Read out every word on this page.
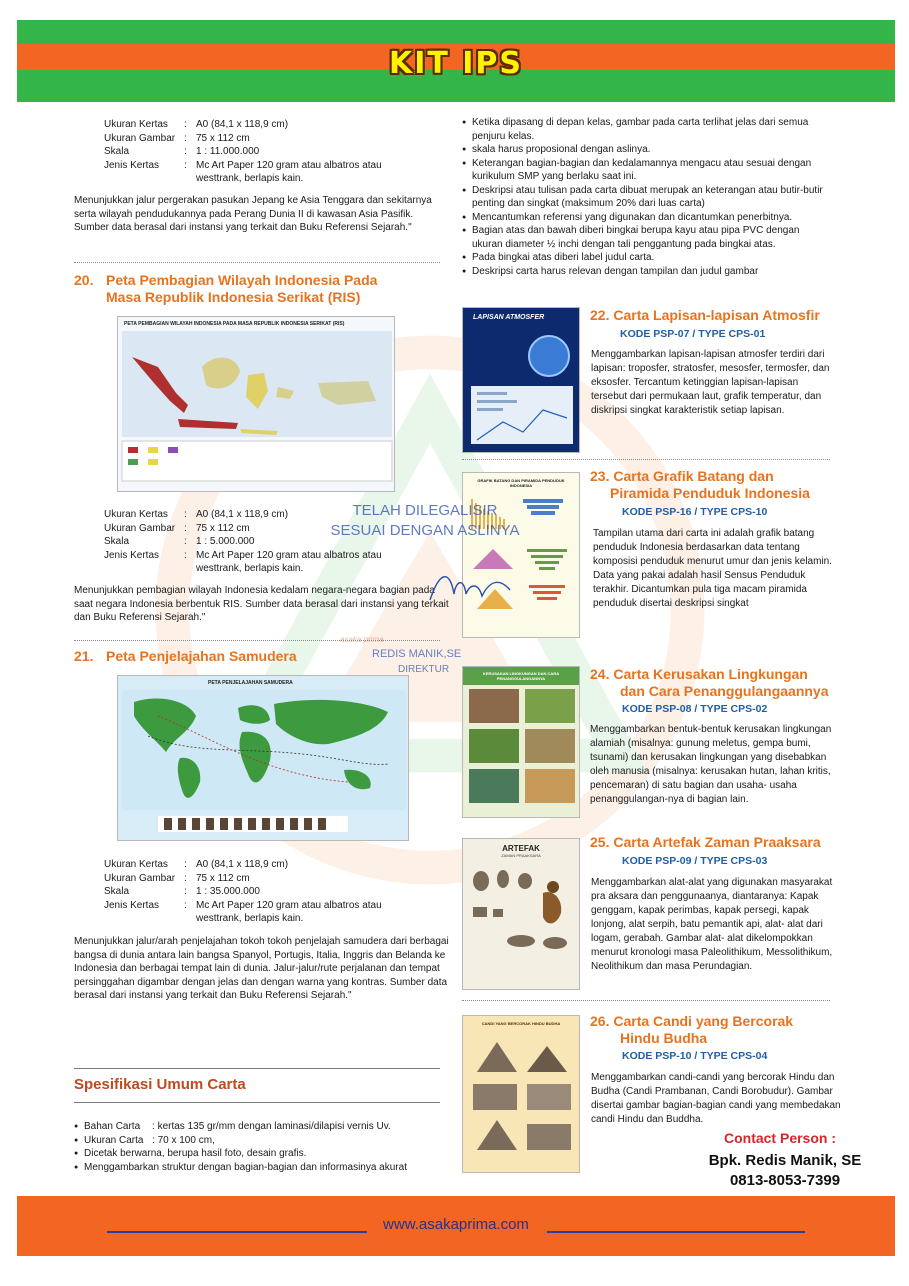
KIT IPS
Ukuran Kertas	: A0 (84,1 x 118,9 cm)
Ukuran Gambar : 75 x 112 cm
Skala	: 1 : 11.000.000
Jenis Kertas	: Mc Art Paper 120 gram atau albatros atau westtrank, berlapis kain.
Menunjukkan jalur pergerakan pasukan Jepang ke Asia Tenggara dan sekitarnya serta wilayah pendudukannya pada Perang Dunia II di kawasan Asia Pasifik. Sumber data berasal dari instansi yang terkait dan Buku Referensi Sejarah."
20. Peta Pembagian Wilayah Indonesia Pada
Masa Republik Indonesia Serikat (RIS)
PETA PEMBAGIAN WILAYAH INDONESIA PADA MASA REPUBLIK INDONESIA SERIKAT (RIS)
Ukuran Kertas	: A0 (84,1 x 118,9 cm)
Ukuran Gambar : 75 x 112 cm
Skala	: 1 : 5.000.000
Jenis Kertas	: Mc Art Paper 120 gram atau albatros atau westtrank, berlapis kain.
Menunjukkan pembagian wilayah Indonesia kedalam negara-negara bagian pada saat negara Indonesia berbentuk RIS. Sumber data berasal dari instansi yang terkait dan Buku Referensi Sejarah."
21. Peta Penjelajahan Samudera
PETA PENJELAJAHAN SAMUDERA
Ukuran Kertas	: A0 (84,1 x 118,9 cm)
Ukuran Gambar : 75 x 112 cm
Skala	: 1 : 35.000.000
Jenis Kertas	: Mc Art Paper 120 gram atau albatros atau westtrank, berlapis kain.
Menunjukkan jalur/arah penjelajahan tokoh tokoh penjelajah samudera dari berbagai bangsa di dunia antara lain bangsa Spanyol, Portugis, Italia, Inggris dan Belanda ke Indonesia dan berbagai tempat lain di dunia. Jalur-jalur/rute perjalanan dan tempat persinggahan digambar dengan jelas dan dengan warna yang kontras. Sumber data berasal dari instansi yang terkait dan Buku Referensi Sejarah."
Spesifikasi Umum Carta
● Bahan Carta : kertas 135 gr/mm dengan laminasi/dilapisi vernis Uv.
● Ukuran Carta : 70 x 100 cm,
● Dicetak berwarna, berupa hasil foto, desain grafis.
● Menggambarkan struktur dengan bagian-bagian dan informasinya akurat
● Ketika dipasang di depan kelas, gambar pada carta terlihat jelas dari semua penjuru kelas.
● skala harus proposional dengan aslinya.
● Keterangan bagian-bagian dan kedalamannya mengacu atau sesuai dengan kurikulum SMP yang berlaku saat ini.
● Deskripsi atau tulisan pada carta dibuat merupak an keterangan atau butir-butir penting dan singkat (maksimum 20% dari luas carta)
● Mencantumkan referensi yang digunakan dan dicantumkan penerbitnya.
● Bagian atas dan bawah diberi bingkai berupa kayu atau pipa PVC dengan ukuran diameter ½ inchi dengan tali penggantung pada bingkai atas.
● Pada bingkai atas diberi label judul carta.
● Deskripsi carta harus relevan dengan tampilan dan judul gambar
LAPISAN ATMOSFER	22. Carta Lapisan-lapisan Atmosfir
KODE PSP-07 / TYPE CPS-01
Menggambarkan lapisan-lapisan atmosfer terdiri dari lapisan: troposfer, stratosfer, mesosfer, termosfer, dan eksosfer. Tercantum ketinggian lapisan-lapisan tersebut dari permukaan laut, grafik temperatur, dan diskripsi singkat karakteristik setiap lapisan.
GRAFIK BATANG DAN PIRAMIDA PENDUDUK INDONESIA
23. Carta Grafik Batang dan
Piramida Penduduk Indonesia
KODE PSP-16 / TYPE CPS-10
Tampilan utama dari carta ini adalah grafik batang penduduk Indonesia berdasarkan data tentang komposisi penduduk menurut umur dan jenis kelamin. Data yang pakai adalah hasil Sensus Penduduk terakhir. Dicantumkan pula tiga macam piramida penduduk disertai deskripsi singkat
KERUSAKAN LINGKUNGAN DAN CARA PENANGGULANGANNYA	24. Carta Kerusakan Lingkungan
dan Cara Penanggulangaannya
KODE PSP-08 / TYPE CPS-02
Menggambarkan bentuk-bentuk kerusakan lingkungan alamiah (misalnya: gunung meletus, gempa bumi, tsunami) dan kerusakan lingkungan yang disebabkan oleh manusia (misalnya: kerusakan hutan, lahan kritis, pencemaran) di satu bagian dan usaha- usaha penanggulangan-nya di bagian lain.
ARTEFAK
ZAMAN PRAAKSARA
25. Carta Artefak Zaman Praaksara
KODE PSP-09 / TYPE CPS-03
Menggambarkan alat-alat yang digunakan masyarakat pra aksara dan penggunaanya, diantaranya: Kapak genggam, kapak perimbas, kapak persegi, kapak lonjong, alat serpih, batu pemantik api, alat- alat dari logam, gerabah. Gambar alat- alat dikelompokkan menurut kronologi masa Paleolithikum, Messolithikum, Neolithikum dan masa Perundagian.
CANDI YANG BERCORAK HINDU BUDHA	26. Carta Candi yang Bercorak
Hindu Budha
KODE PSP-10 / TYPE CPS-04
Menggambarkan candi-candi yang bercorak Hindu dan Budha (Candi Prambanan, Candi Borobudur). Gambar disertai gambar bagian-bagian candi yang membedakan candi Hindu dan Buddha.
Contact Person :
Bpk. Redis Manik, SE
0813-8053-7399
TELAH DILEGALISIR
SESUAI DENGAN ASLINYA
asaka prima
REDIS MANIK,SE
DIREKTUR
www.asakaprima.com
